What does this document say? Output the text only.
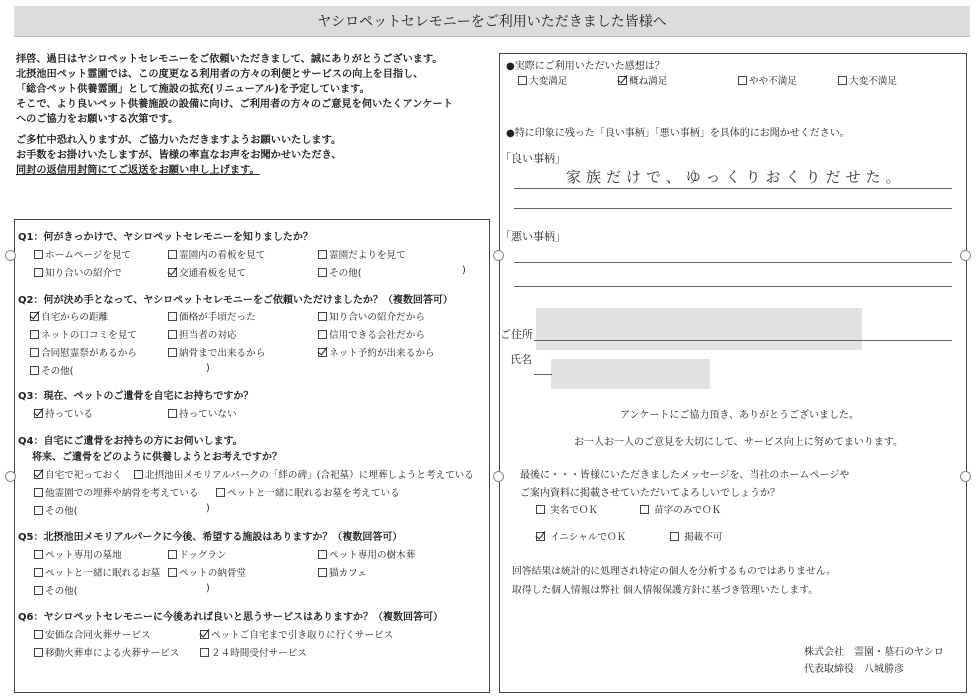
ヤシロペットセレモニーをご利用いただきました皆様へ
拝啓、過日はヤシロペットセレモニーをご依頼いただきまして、誠にありがとうございます。
北摂池田ペット霊園では、この度更なる利用者の方々の利便とサービスの向上を目指し、
「総合ペット供養霊園」として施設の拡充(リニューアル)を予定しています。
そこで、より良いペット供養施設の設備に向け、ご利用者の方々のご意見を伺いたくアンケート
へのご協力をお願いする次第です。
ご多忙中恐れ入りますが、ご協力いただきますようお願いいたします。
お手数をお掛けいたしますが、皆様の率直なお声をお聞かせいただき、
同封の返信用封筒にてご返送をお願い申し上げます。
Q1：何がきっかけで、ヤシロペットセレモニーを知りましたか？
ホームページを見て	霊園内の看板を見て	霊園だよりを見て
知り合いの紹介で	交通看板を見て	その他(	)
Q2：何が決め手となって、ヤシロペットセレモニーをご依頼いただけましたか？（複数回答可）
自宅からの距離	価格が手頃だった	知り合いの紹介だから
ネットの口コミを見て	担当者の対応	信用できる会社だから
合同慰霊祭があるから	納骨まで出来るから	ネット予約が出来るから
その他(	)
Q3：現在、ペットのご遺骨を自宅にお持ちですか？
持っている	持っていない
Q4：自宅にご遺骨をお持ちの方にお伺いします。
将来、ご遺骨をどのように供養しようとお考えですか？
自宅で祀っておく	北摂池田メモリアルパークの「絆の碑」(合祀墓）に埋葬しようと考えている
他霊園での埋葬や納骨を考えている	ペットと一緒に眠れるお墓を考えている
その他(	)
Q5：北摂池田メモリアルパークに今後、希望する施設はありますか？（複数回答可）
ペット専用の墓地	ドッグラン	ペット専用の樹木葬
ペットと一緒に眠れるお墓	ペットの納骨堂	猫カフェ
その他(	)
Q6：ヤシロペットセレモニーに今後あれば良いと思うサービスはありますか？（複数回答可）
安価な合同火葬サービス	ペットご自宅まで引き取りに行くサービス
移動火葬車による火葬サービス	２４時間受付サービス
●実際にご利用いただいた感想は？
大変満足	概ね満足	やや不満足	大変不満足
●特に印象に残った「良い事柄」「悪い事柄」を具体的にお聞かせください。
「良い事柄」
家族だけで、ゆっくりおくりだせた。
「悪い事柄」
ご住所
氏名
アンケートにご協力頂き、ありがとうございました。
お一人お一人のご意見を大切にして、サービス向上に努めてまいります。
最後に・・・皆様にいただきましたメッセージを、当社のホームページや
ご案内資料に掲載させていただいてよろしいでしょうか？
実名でＯＫ	苗字のみでＯＫ
イニシャルでＯＫ	掲載不可
回答結果は統計的に処理され特定の個人を分析するものではありません。
取得した個人情報は弊社 個人情報保護方針に基づき管理いたします。
株式会社　霊園・墓石のヤシロ
代表取締役　八城勝彦
